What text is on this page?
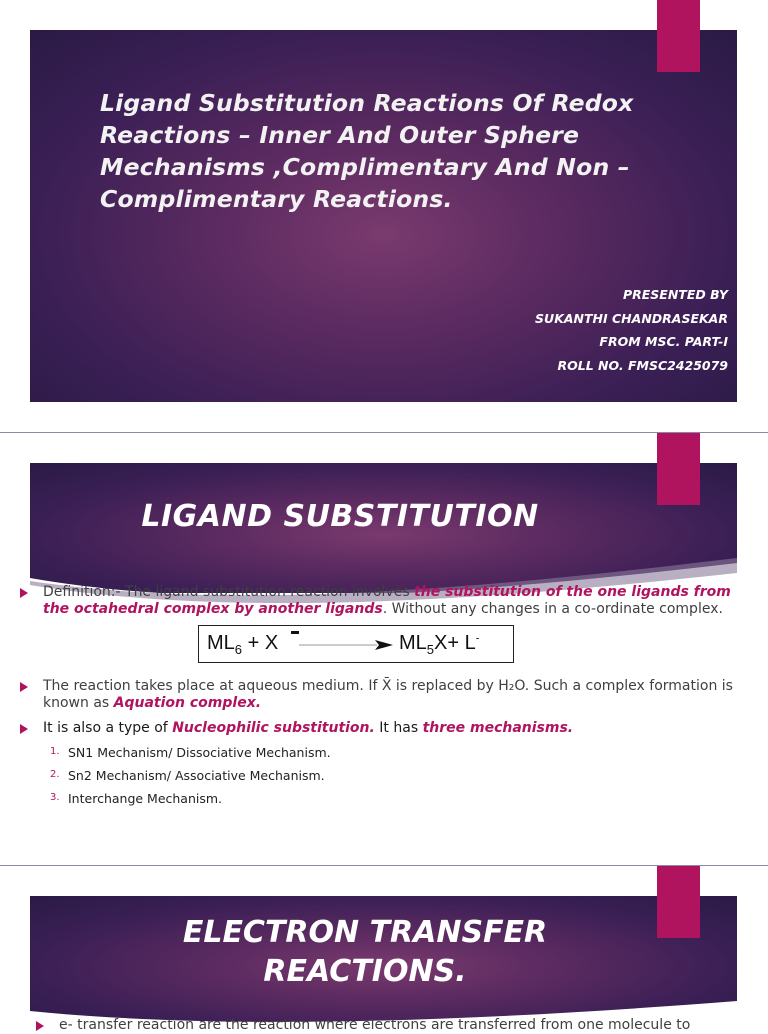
Ligand Substitution Reactions Of Redox Reactions – Inner And Outer Sphere Mechanisms ,Complimentary And Non – Complimentary Reactions.
PRESENTED BY
SUKANTHI CHANDRASEKAR
FROM MSC. PART-I
ROLL NO. FMSC2425079
LIGAND SUBSTITUTION
Definition:- The ligand substitution reaction involves the substitution of the one ligands from the octahedral complex by another ligands. Without any changes in a co-ordinate complex.
$ML_6 + X$	$ML_5X+ L^-$
The reaction takes place at aqueous medium. If X̄ is replaced by H₂O. Such a complex formation is known as Aquation complex.
It is also a type of Nucleophilic substitution. It has three mechanisms.
1. SN1 Mechanism/ Dissociative Mechanism.
2. Sn2 Mechanism/ Associative Mechanism.
3. Interchange Mechanism.
ELECTRON TRANSFER
REACTIONS.
e- transfer reaction are the reaction where electrons are transferred from one molecule to
